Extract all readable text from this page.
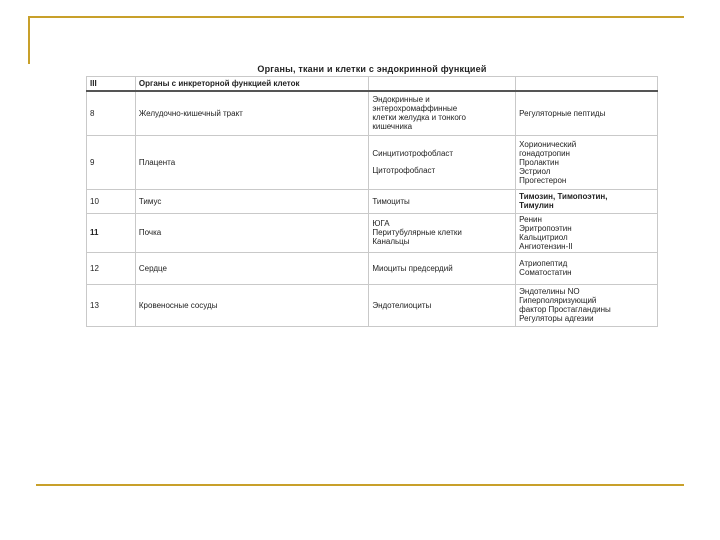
Органы, ткани и клетки с эндокринной функцией
III	Органы с инкреторной функцией клеток		
8	Желудочно-кишечный тракт	Эндокринные и
энтерохромаффинные
клетки желудка и тонкого
кишечника	Регуляторные пептиды

9	Плацента	Синцитиотрофобласт
Цитотрофобласт	Хорионический
гонадотропин
Пролактин
Эстриол
Прогестерон

10	Тимус	Тимоциты	Тимозин, Тимопоэтин,
Тимулин

11	Почка	ЮГА
Перитубулярные клетки
Канальцы	Ренин
Эритропоэтин
Кальцитриол
Ангиотензин-II

12	Сердце	Миоциты предсердий	Атриопептид
Соматостатин

13	Кровеносные сосуды	Эндотелиоциты	Эндотелины NO
Гиперполяризующий
фактор Простагландины
Регуляторы адгезии
